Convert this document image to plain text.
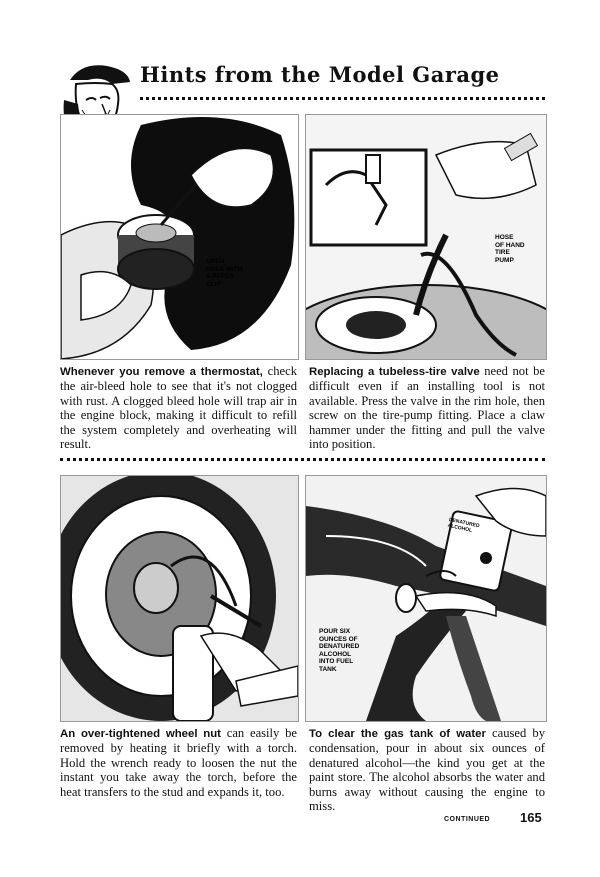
Hints from the Model Garage
OPEN
HOLE WITH
A PAPER
CLIP
HOSE
OF HAND
TIRE
PUMP
Whenever you remove a thermostat, check the air-bleed hole to see that it's not clogged with rust. A clogged bleed hole will trap air in the engine block, making it difficult to refill the system completely and overheating will result.
Replacing a tubeless-tire valve need not be difficult even if an installing tool is not available. Press the valve in the rim hole, then screw on the tire-pump fitting. Place a claw hammer under the fitting and pull the valve into position.
DENATURED
ALCOHOL
POUR SIX
OUNCES OF
DENATURED
ALCOHOL
INTO FUEL
TANK
An over-tightened wheel nut can easily be removed by heating it briefly with a torch. Hold the wrench ready to loosen the nut the instant you take away the torch, before the heat transfers to the stud and expands it, too.
To clear the gas tank of water caused by condensation, pour in about six ounces of denatured alcohol—the kind you get at the paint store. The alcohol absorbs the water and burns away without causing the engine to miss.
CONTINUED 165
